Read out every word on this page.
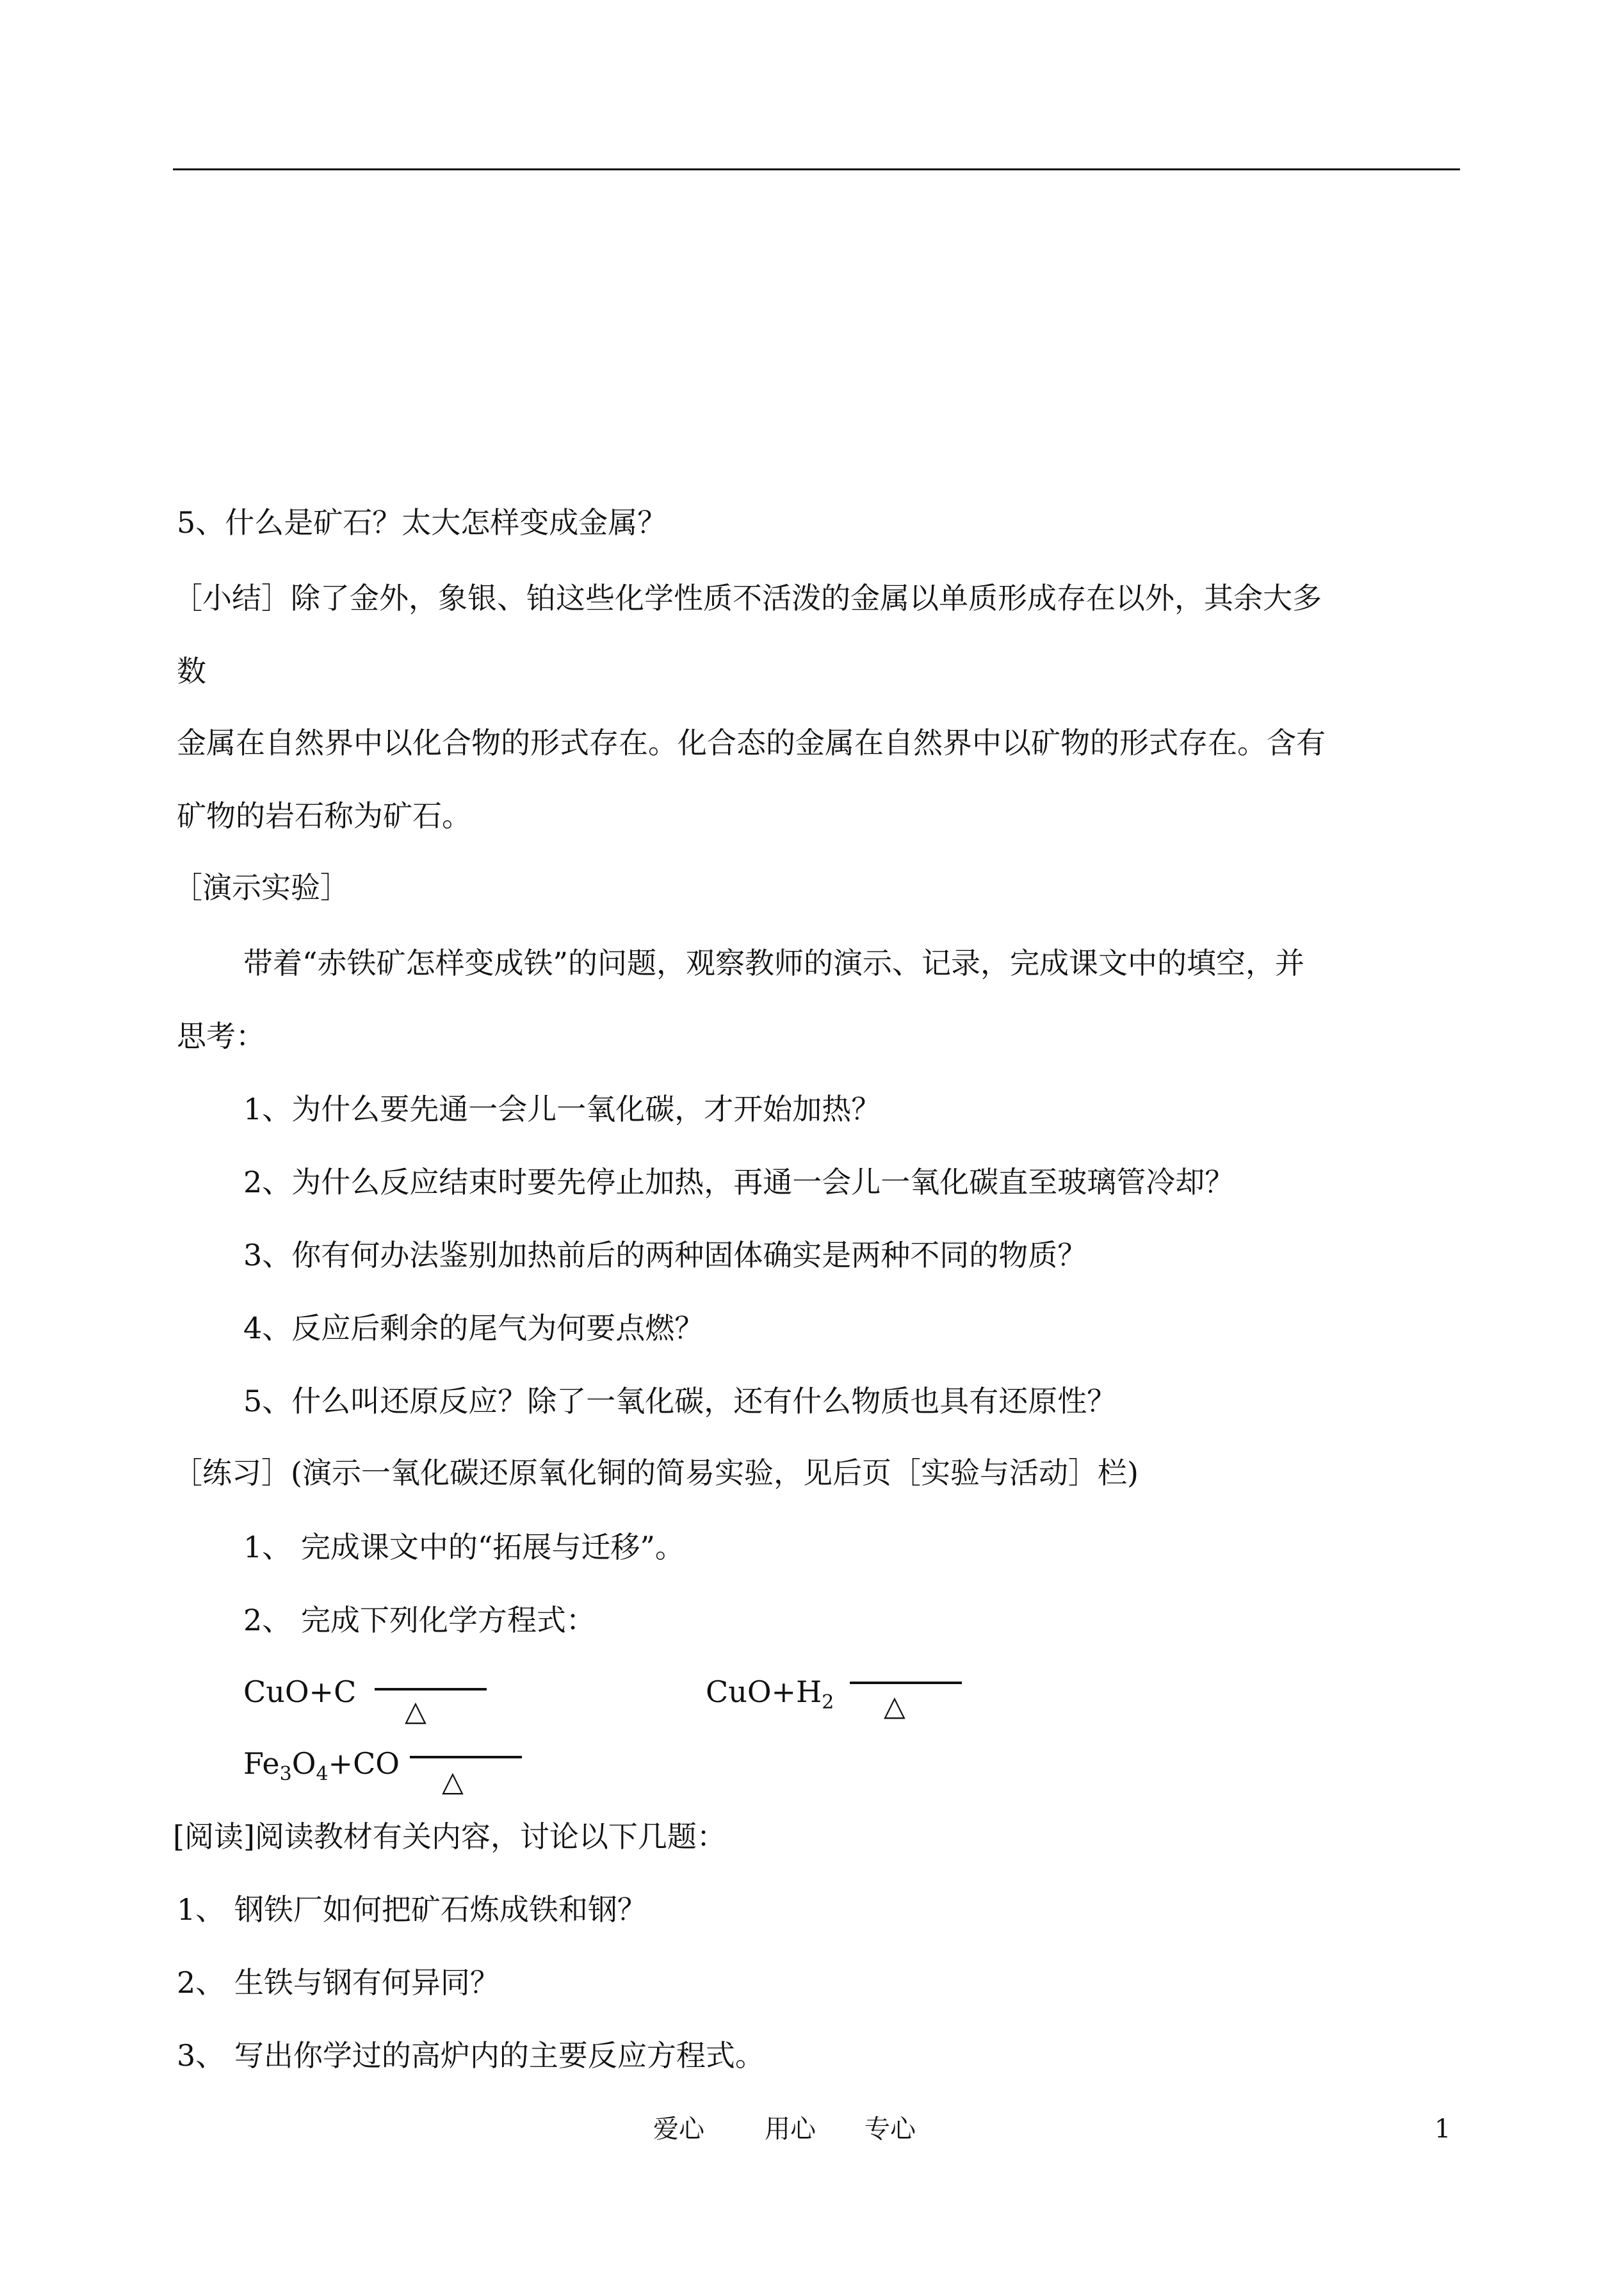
5、什么是矿石？太大怎样变成金属？
［小结］除了金外，象银、铂这些化学性质不活泼的金属以单质形成存在以外，其余大多
数
金属在自然界中以化合物的形式存在。化合态的金属在自然界中以矿物的形式存在。含有
矿物的岩石称为矿石。
［演示实验］
带着“赤铁矿怎样变成铁”的问题，观察教师的演示、记录，完成课文中的填空，并
思考：
1、为什么要先通一会儿一氧化碳，才开始加热？
2、为什么反应结束时要先停止加热，再通一会儿一氧化碳直至玻璃管冷却？
3、你有何办法鉴别加热前后的两种固体确实是两种不同的物质？
4、反应后剩余的尾气为何要点燃？
5、什么叫还原反应？除了一氧化碳，还有什么物质也具有还原性？
［练习］(演示一氧化碳还原氧化铜的简易实验，见后页［实验与活动］栏)
1、 完成课文中的“拓展与迁移”。
2、 完成下列化学方程式：
CuO+C
△
$CuO+H_2$ △
$Fe_3O_4+CO$
△
[阅读]阅读教材有关内容，讨论以下几题：
1、 钢铁厂如何把矿石炼成铁和钢？
2、 生铁与钢有何异同？
3、 写出你学过的高炉内的主要反应方程式。
爱心 用心 专心	1
